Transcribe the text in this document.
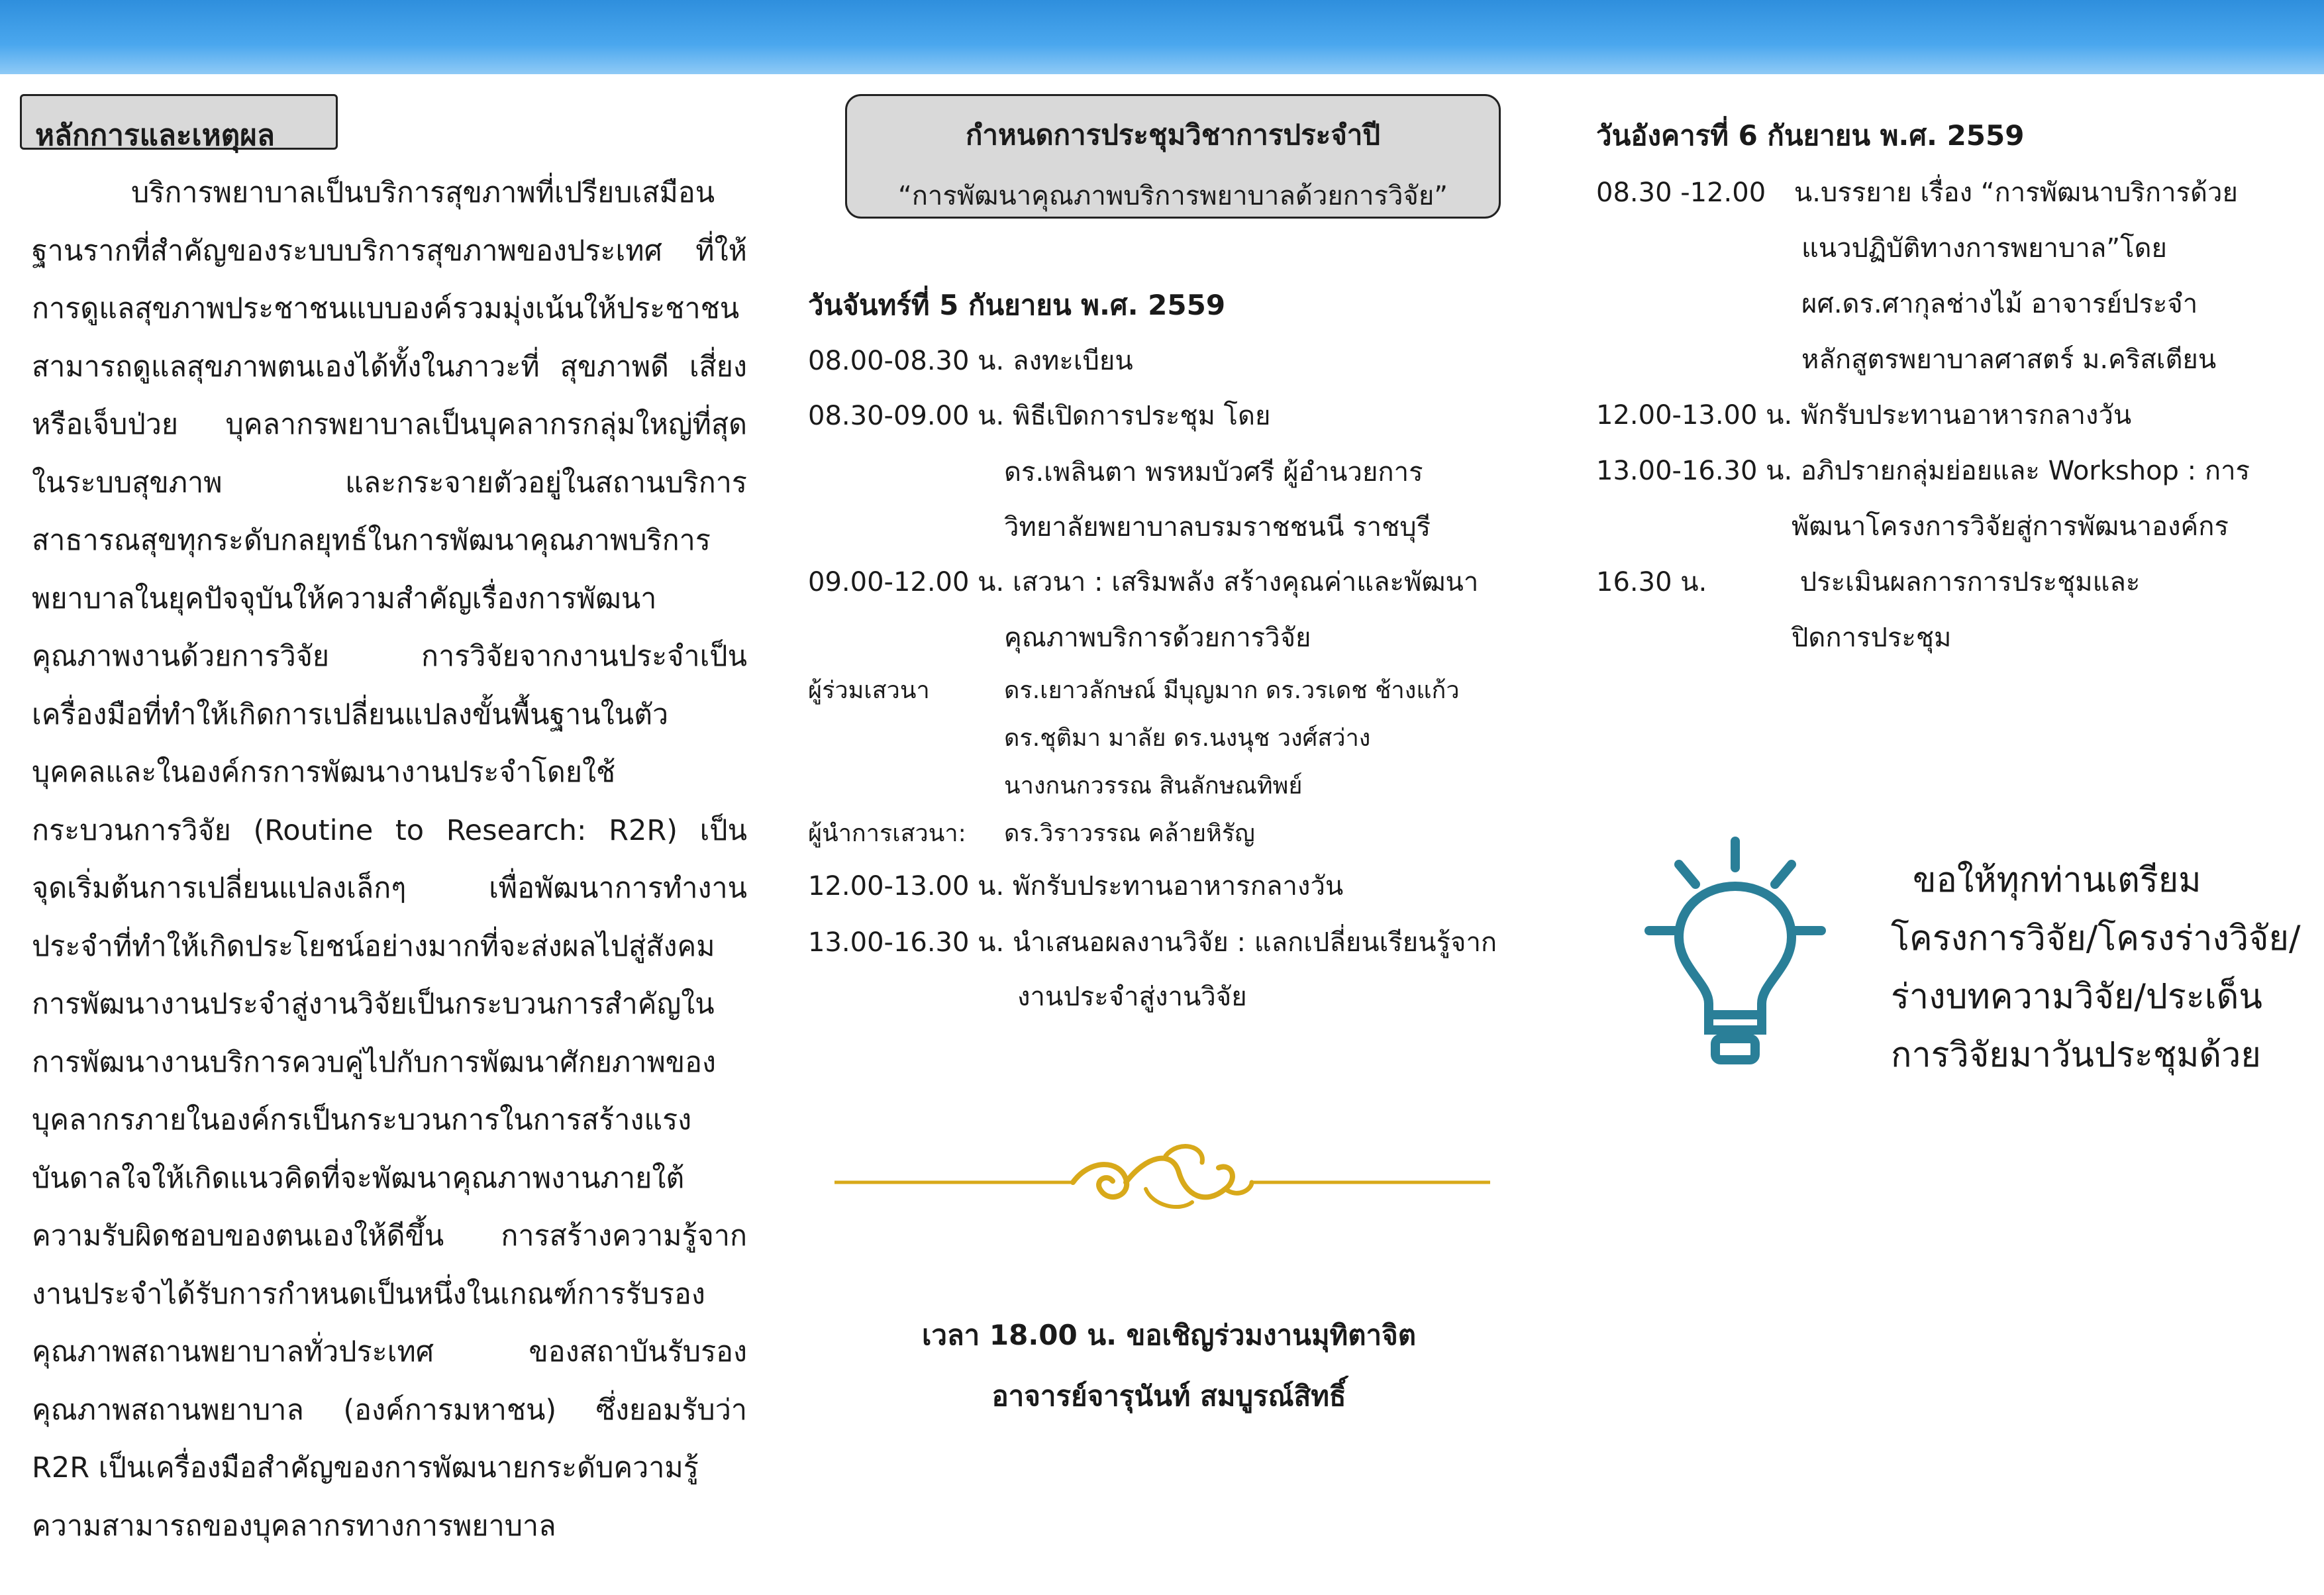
หลักการและเหตุผล
บริการพยาบาลเป็นบริการสุขภาพที่เปรียบเสมือน
ฐานรากที่สำคัญของระบบบริการสุขภาพของประเทศ ที่ให้
การดูแลสุขภาพประชาชนแบบองค์รวมมุ่งเน้นให้ประชาชน
สามารถดูแลสุขภาพตนเองได้ทั้งในภาวะที่ สุขภาพดี เสี่ยง
หรือเจ็บป่วย บุคลากรพยาบาลเป็นบุคลากรกลุ่มใหญ่ที่สุด
ในระบบสุขภาพ และกระจายตัวอยู่ในสถานบริการ
สาธารณสุขทุกระดับกลยุทธ์ในการพัฒนาคุณภาพบริการ
พยาบาลในยุคปัจจุบันให้ความสำคัญเรื่องการพัฒนา
คุณภาพงานด้วยการวิจัย การวิจัยจากงานประจำเป็น
เครื่องมือที่ทำให้เกิดการเปลี่ยนแปลงขั้นพื้นฐานในตัว
บุคคลและในองค์กรการพัฒนางานประจำโดยใช้
กระบวนการวิจัย (Routine to Research: R2R) เป็น
จุดเริ่มต้นการเปลี่ยนแปลงเล็กๆ เพื่อพัฒนาการทำงาน
ประจำที่ทำให้เกิดประโยชน์อย่างมากที่จะส่งผลไปสู่สังคม
การพัฒนางานประจำสู่งานวิจัยเป็นกระบวนการสำคัญใน
การพัฒนางานบริการควบคู่ไปกับการพัฒนาศักยภาพของ
บุคลากรภายในองค์กรเป็นกระบวนการในการสร้างแรง
บันดาลใจให้เกิดแนวคิดที่จะพัฒนาคุณภาพงานภายใต้
ความรับผิดชอบของตนเองให้ดีขึ้น การสร้างความรู้จาก
งานประจำได้รับการกำหนดเป็นหนึ่งในเกณฑ์การรับรอง
คุณภาพสถานพยาบาลทั่วประเทศ ของสถาบันรับรอง
คุณภาพสถานพยาบาล (องค์การมหาชน) ซึ่งยอมรับว่า
R2R เป็นเครื่องมือสำคัญของการพัฒนายกระดับความรู้
ความสามารถของบุคลากรทางการพยาบาล
กำหนดการประชุมวิชาการประจำปี
“การพัฒนาคุณภาพบริการพยาบาลด้วยการวิจัย”
วันจันทร์ที่ 5 กันยายน พ.ศ. 2559
08.00-08.30 น. ลงทะเบียน
08.30-09.00 น. พิธีเปิดการประชุม โดย
ดร.เพลินตา พรหมบัวศรี ผู้อำนวยการ
วิทยาลัยพยาบาลบรมราชชนนี ราชบุรี
09.00-12.00 น. เสวนา : เสริมพลัง สร้างคุณค่าและพัฒนา
คุณภาพบริการด้วยการวิจัย
ผู้ร่วมเสวนา	ดร.เยาวลักษณ์ มีบุญมาก ดร.วรเดช ช้างแก้ว
ดร.ชุติมา มาลัย ดร.นงนุช วงศ์สว่าง
นางกนกวรรณ สินลักษณทิพย์
ผู้นำการเสวนา: ดร.วิราวรรณ คล้ายหิรัญ
12.00-13.00 น. พักรับประทานอาหารกลางวัน
13.00-16.30 น. นำเสนอผลงานวิจัย : แลกเปลี่ยนเรียนรู้จาก
งานประจำสู่งานวิจัย
เวลา 18.00 น. ขอเชิญร่วมงานมุทิตาจิต
อาจารย์จารุนันท์ สมบูรณ์สิทธิ์
วันอังคารที่ 6 กันยายน พ.ศ. 2559
08.30 -12.00 น.บรรยาย เรื่อง “การพัฒนาบริการด้วย
แนวปฏิบัติทางการพยาบาล”โดย
ผศ.ดร.ศากุลช่างไม้ อาจารย์ประจำ
หลักสูตรพยาบาลศาสตร์ ม.คริสเตียน
12.00-13.00 น. พักรับประทานอาหารกลางวัน
13.00-16.30 น. อภิปรายกลุ่มย่อยและ Workshop : การ
พัฒนาโครงการวิจัยสู่การพัฒนาองค์กร
16.30 น.	ประเมินผลการการประชุมและ
ปิดการประชุม
ขอให้ทุกท่านเตรียม
โครงการวิจัย/โครงร่างวิจัย/
ร่างบทความวิจัย/ประเด็น
การวิจัยมาวันประชุมด้วย
